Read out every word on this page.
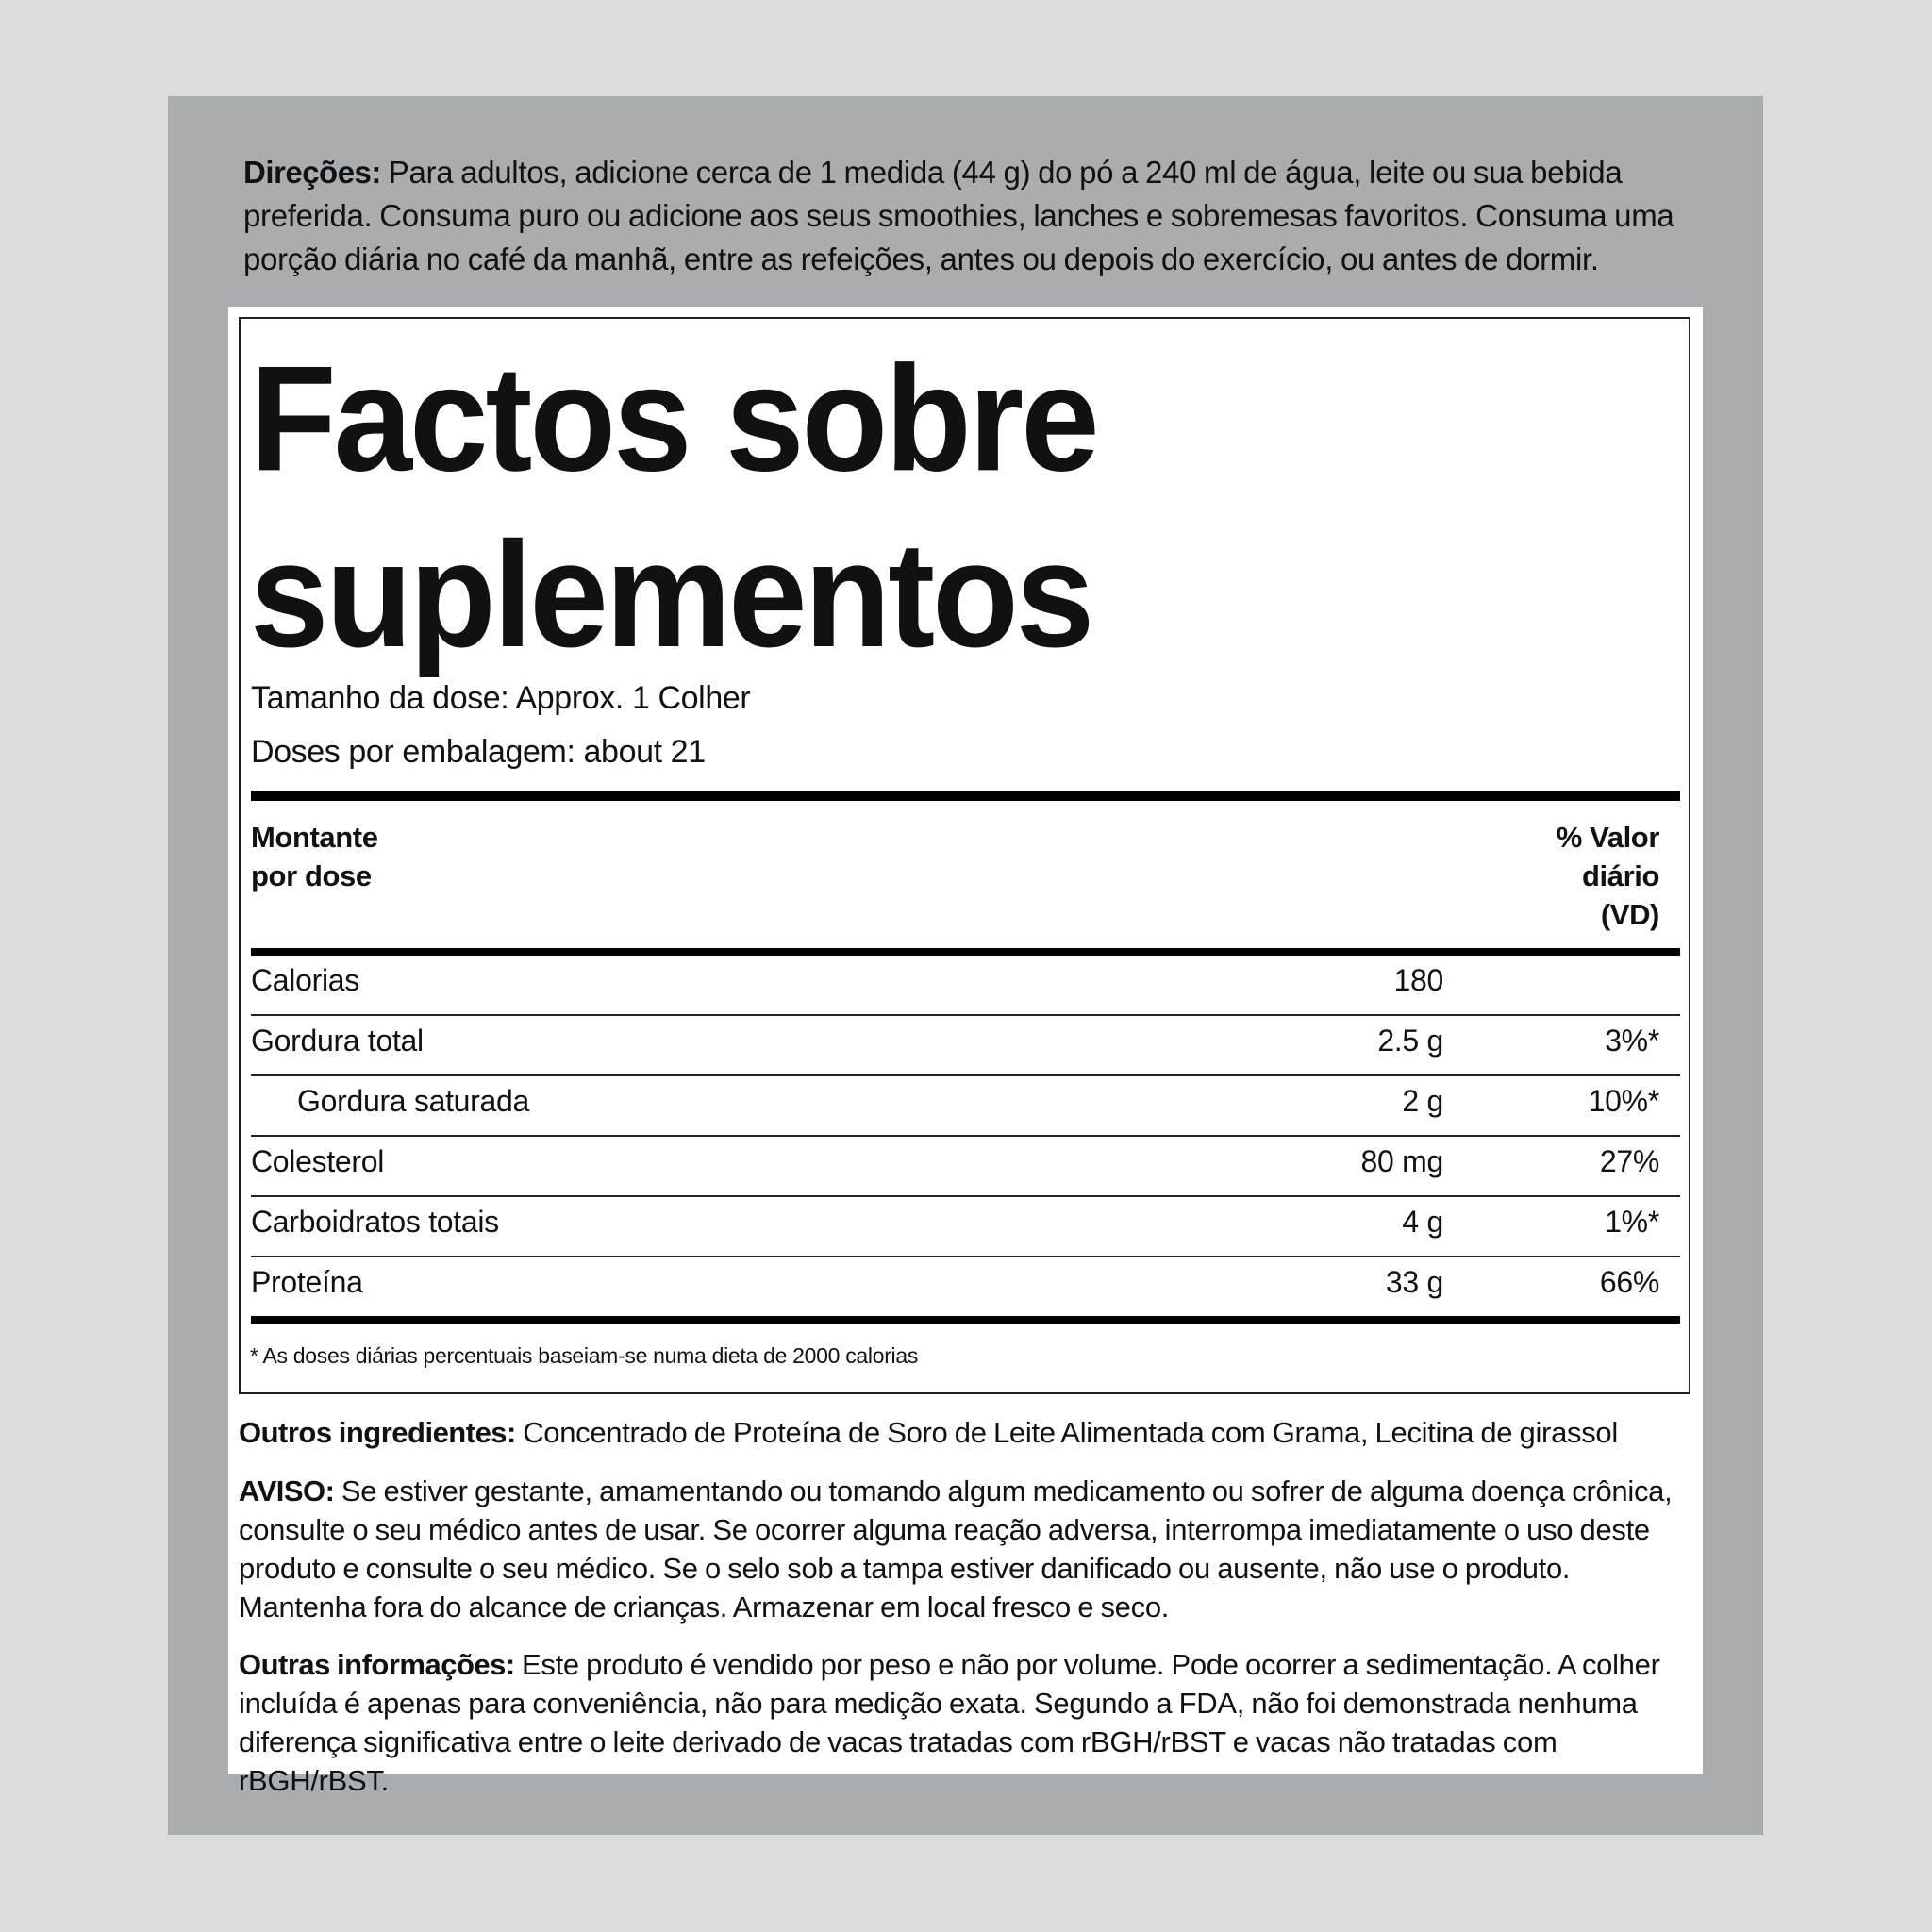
Direções: Para adultos, adicione cerca de 1 medida (44 g) do pó a 240 ml de água, leite ou sua bebida preferida. Consuma puro ou adicione aos seus smoothies, lanches e sobremesas favoritos. Consuma uma porção diária no café da manhã, entre as refeições, antes ou depois do exercício, ou antes de dormir.
Factos sobre
suplementos
Tamanho da dose: Approx. 1 Colher
Doses por embalagem: about 21
Montante
por dose
% Valor
diário
(VD)
Calorias	180
Gordura total	2.5 g	3%*
Gordura saturada	2 g	10%*
Colesterol	80 mg	27%
Carboidratos totais	4 g	1%*
Proteína	33 g	66%
* As doses diárias percentuais baseiam-se numa dieta de 2000 calorias
Outros ingredientes: Concentrado de Proteína de Soro de Leite Alimentada com Grama, Lecitina de girassol
AVISO: Se estiver gestante, amamentando ou tomando algum medicamento ou sofrer de alguma doença crônica, consulte o seu médico antes de usar. Se ocorrer alguma reação adversa, interrompa imediatamente o uso deste produto e consulte o seu médico. Se o selo sob a tampa estiver danificado ou ausente, não use o produto. Mantenha fora do alcance de crianças. Armazenar em local fresco e seco.
Outras informações: Este produto é vendido por peso e não por volume. Pode ocorrer a sedimentação. A colher incluída é apenas para conveniência, não para medição exata. Segundo a FDA, não foi demonstrada nenhuma diferença significativa entre o leite derivado de vacas tratadas com rBGH/rBST e vacas não tratadas com rBGH/rBST.
